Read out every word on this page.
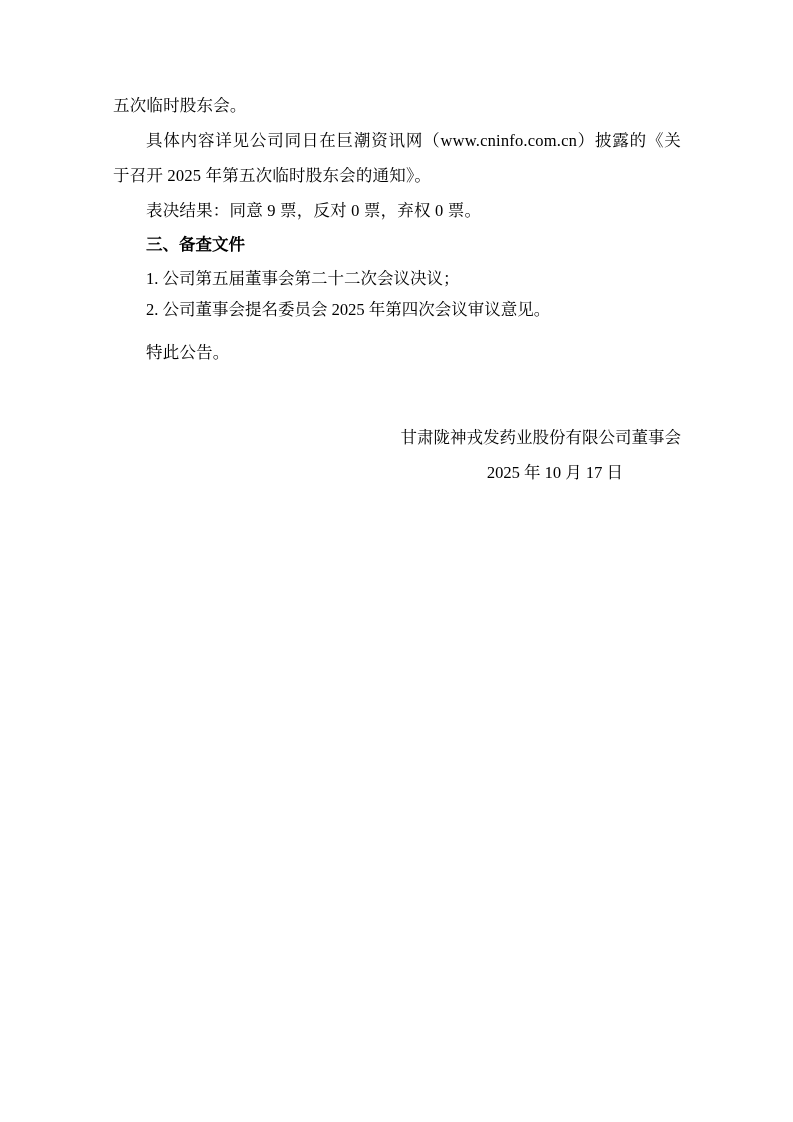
五次临时股东会。

具体内容详见公司同日在巨潮资讯网（www.cninfo.com.cn）披露的《关于召开 2025 年第五次临时股东会的通知》。

表决结果：同意 9 票，反对 0 票，弃权 0 票。

三、备查文件

1. 公司第五届董事会第二十二次会议决议；

2. 公司董事会提名委员会 2025 年第四次会议审议意见。

特此公告。

甘肃陇神戎发药业股份有限公司董事会

2025 年 10 月 17 日
